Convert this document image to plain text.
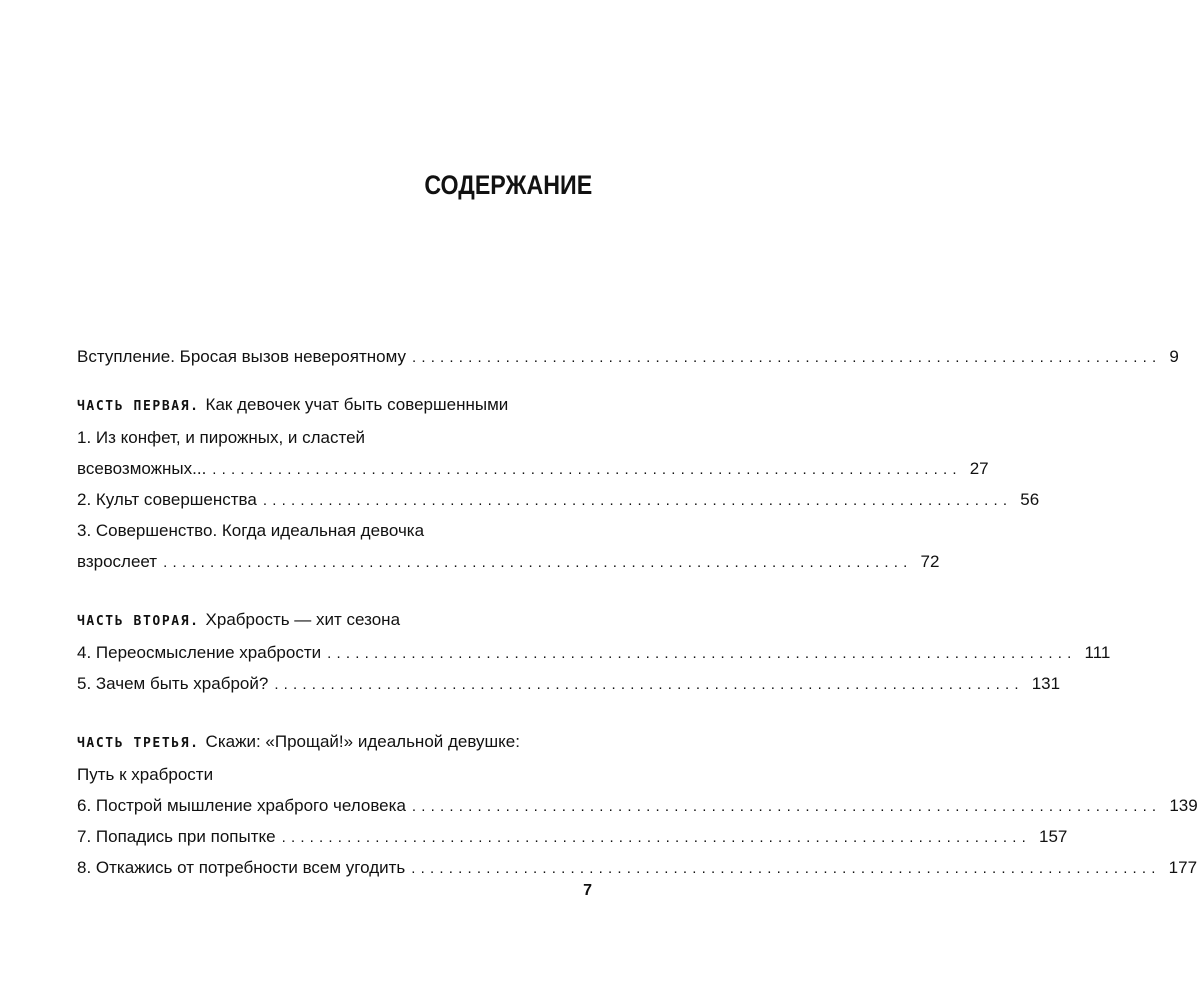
СОДЕРЖАНИЕ
Вступление. Бросая вызов невероятному ................................................................................ 9
ЧАСТЬ ПЕРВАЯ. Как девочек учат быть совершенными
1. Из конфет, и пирожных, и сластей
всевозможных... ................................................................................ 27
2. Культ совершенства ................................................................................ 56
3. Совершенство. Когда идеальная девочка
взрослеет ................................................................................ 72
ЧАСТЬ ВТОРАЯ. Храбрость — хит сезона
4. Переосмысление храбрости ................................................................................ 111
5. Зачем быть храброй? ................................................................................ 131
ЧАСТЬ ТРЕТЬЯ. Скажи: «Прощай!» идеальной девушке:
Путь к храбрости
6. Построй мышление храброго человека ................................................................................ 139
7. Попадись при попытке ................................................................................ 157
8. Откажись от потребности всем угодить ................................................................................ 177
7
